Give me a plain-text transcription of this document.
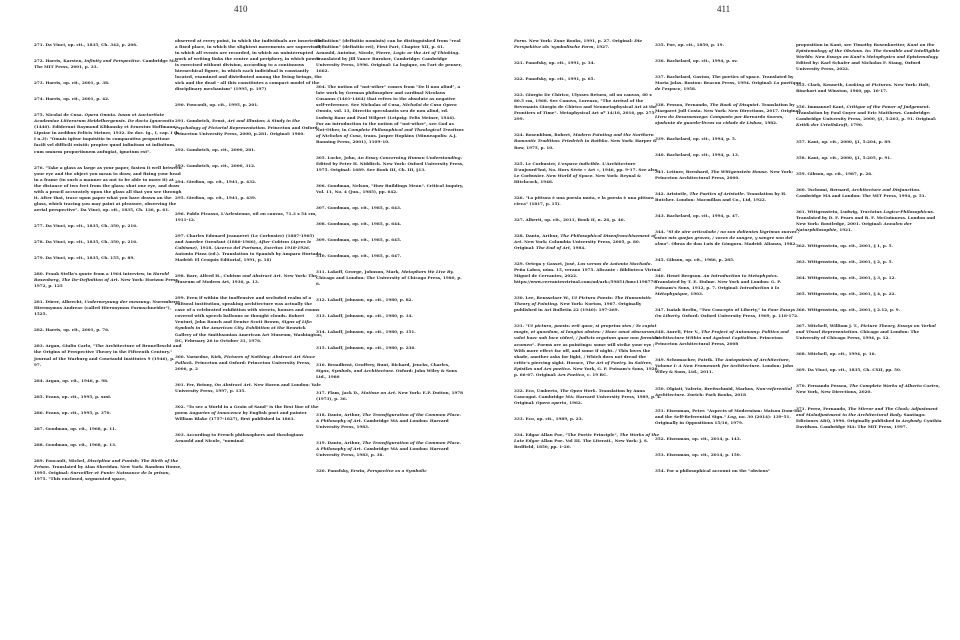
410	411

271. Da Vinci, op. cit., 1835, Ch. 342, p. 206.

272. Harris, Karsten, Infinity and Perspective. Cambridge MA: The MIT Press, 2001, p. 33.

273. Harris, op. cit., 2001, p. 38.

274. Harris, op. cit., 2001, p. 42.

275. Nicolai de Cusa. Opera Omnia. Iussu et Auctoritate Academiae Litterarum Heidelbergensis. De docta Ignorantia (1440). Ediderunt Raymond Klibansky et Ernestus Hoffmann. Lipsiae in aedibus Felicis Meiner, 1932. De doc. ig., I, cap. I (h I n.3): "Omnis igitur inquisitio in comparativa proportione facili vel difficili existit; propter quod infinitum ut infinitum, cum omnem proportionem aufugiat, ignotum est".

276. "Take a glass as large as your paper, fasten it well between your eye and the object you mean to draw, and fixing your head in a frame (in such a manner as not to be able to move it) at the distance of two feet from the glass; shut one eye, and draw with a pencil accurately upon the glass all that you see through it. After that, trace upon paper what you have drawn on the glass, which tracing you may paint at pleasure, observing the aerial perspective". Da Vinci, op. cit., 1835, Ch. 126, p. 61.

277. Da Vinci, op. cit., 1835, Ch. 350, p. 216.

278. Da Vinci, op. cit., 1835, Ch. 350, p. 216.

279. Da Vinci, op. cit., 1835, Ch. 155, p. 89.

280. Frank Stella's quote from a 1964 interview, in Harold Rosenberg, The De-Definition of Art. New York: Horizon Press, 1972, p. 125

281. Dürer, Albrecht, Underweysung der messung. Nuremberg: Hieronymus Andreae (called Hieronymus Formschneider"), 1525.

282. Harris, op. cit., 2001, p. 76.

283. Argan, Giulio Carlo, "The Architecture of Brunelleschi and the Origins of Perspective Theory in the Fifteenth Century." Journal of the Warburg and Courtauld Institutes 9 (1946), p. 97.

284. Argan, op. cit., 1946, p. 98.

285. Evans, op. cit., 1995, p. xxxi.

286. Evans, op. cit., 1995, p. 370.

287. Goodman, op. cit., 1968, p. 11.

288. Goodman, op. cit., 1968, p. 13.

289. Foucault, Michel, Discipline and Punish; The Birth of the Prison. Translated by Alan Sheridan. New York: Random House, 1995. Original: Surveiller et Punir: Naissance de la prison, 1975. "This enclosed, segmented space,

observed at every point, in which the individuals are inserted in a fixed place, in which the slightest movements are supervised, in which all events are recorded, in which an uninterrupted work of writing links the centre and periphery, in which power is exercised without division, according to a continuous hierarchical figure, in which each individual is constantly located, examined and distributed among the living beings, the sick and the dead - all this constitutes a compact model of the disciplinary mechanism" (1995, p. 197)

290. Foucault, op. cit., 1995, p. 201.

291. Gombrich, Ernst, Art and Illusion; A Study in the Psychology of Pictorial Representation. Princeton and Oxford: Princeton University Press, 2000, p.281. Original: 1960.

292. Gombrich, op. cit., 2000, 281.

293. Gombrich, op. cit., 2000, 312.

294. Giedion, op. cit., 1941, p. 432.

295. Giedion, op. cit., 1941, p. 439.

296. Pablo Picasso, L'Arlesienne, oil on canvas, 71.3 x 54 cm, 1911-12.

297. Charles Edouard Jeanneret (Le Corbusier) (1887-1965) and Amedee Ozenfant (1886-1966), After Cubism (Apres le Cubisme), 1918. (Acerca del Purismo, Escritos 1918-1926. Antonio Pizza (ed.). Translation to Spanish by Amparo Hurtado. Madrid: El Croquis Editorial, 1991, p. 16)

298. Barr, Alfred H., Cubism and Abstract Art. New York: The Museum of Modern Art, 1936, p. 13.

299. Even if within the inoffensive and secluded realm of a cultural institution, speaking architecture was actually the case of a celebrated exhibition with streets, houses and rooms covered with speech balloons or thought clouds. Robert Venturi, John Rauch and Denise Scott Brown, Signs of Life: Symbols in the American City. Exhibition at the Renwick Gallery of the Smithsonian American Art Museum, Washington, DC, February 26 to October 31, 1976.

300. Varnedoe, Kirk, Pictures of Nothing: Abstract Art Since Pollock. Princeton and Oxford: Princeton University Press, 2006, p. 2

301. Fer, Briony, On Abstract Art. New Haven and London: Yale University Press, 1997, p. 135.

302. "To see a World in a Grain of Sand" is the first line of the poem Auguries of Innocence by English poet and painter William Blake (1757-1827), first published in 1863.

303. According to French philosophers and theologians Arnauld and Nicole, "nominal

definition" (definitio nominis) can be distinguished from "real definition" (definitio rei), First Part, Chapter XII, p. 61. Arnauld, Antoine, Nicole, Pierre, Logic or the Art of Thinking. Translated by Jill Vance Buroker, Cambridge: Cambridge University Press, 1996. Original: La logique, ou l'art de penser, 1662.

304. The notion of "not-other" comes from "De li non aliud", a late work by German philosopher and cardinal Nicolaus Cusanus (1401-1464) that refers to the absolute as negative self-reference. See Nicholas of Cusa, Nicholai de Cusa Opera Omnia, vol. 13, Directio speculantis seu de non aliud, ed. Ludwig Baur and Paul Wilpert (Leipzig: Felix Meiner, 1944). For an introduction to the notion of "not-other", see God as Not-Other, in Complete Philosophical and Theological Treatises of Nicholas of Cusa, trans. Jasper Hopkins (Minneapolis: A.J. Banning Press, 2001), 1109–10.

305. Locke, John, An Essay Concerning Human Understanding. Edited by Peter H. Nidditch. New York: Oxford University Press, 1975. Original: 1689. See Book III, Ch. III, §13.

306. Goodman, Nelson, "How Buildings Mean". Critical Inquiry, Vol. 11, No. 4 (Jun., 1985), pp. 642.

307. Goodman, op. cit., 1985, p. 643.

308. Goodman, op. cit., 1985, p. 644.

309. Goodman, op. cit., 1985, p. 645.

310. Goodman, op. cit., 1985, p. 647.

311. Lakoff, George, Johnson, Mark, Metaphors We Live By. Chicago and London: The University of Chicago Press, 1980, p. 6.

312. Lakoff, Johnson, op. cit., 1980, p. 82.

313. Lakoff, Johnson, op. cit., 1980, p. 14.

314. Lakoff, Johnson, op. cit., 1980, p. 151.

315. Lakoff, Johnson, op. cit., 1980, p. 236.

316. Broadbent, Geoffrey, Bunt, Richard, Jencks, Charles, Signs, Symbols, and Architecture. Oxford: John Wiley & Sons Ltd., 1980

317. Flam, Jack D., Matisse on Art. New York: E.P. Dutton, 1978 (1973), p. 36.

318. Danto, Arthur, The Transfiguration of the Common Place. A Philosophy of Art. Cambridge MA and London: Harvard University Press, 1983.

319. Danto, Arthur, The Transfiguration of the Common Place. A Philosophy of Art. Cambridge MA and London: Harvard University Press, 1983, p. 36.

320. Panofsky, Erwin, Perspective as a Symbolic

Form. New York: Zone Books, 1991, p. 27. Original: Die Perspektive als 'symbolische Form, 1927.

321. Panofsky, op. cit., 1991, p. 34.

322. Panofsky, op. cit., 1991, p. 65.

323. Giorgio De Chirico, Ulysses Return, oil on canvas, 60 x 80.5 cm, 1968. See Canova, Lorenzo, "The Arrival of the Revenants Giorgio de Chirico and Neometaphysical Art at the Frontiers of Time". Metaphysical Art nº 14/16, 2016, pp. 275-299.

324. Rosenblum, Robert, Modern Painting and the Northern Romantic Tradition: Friedrich to Rothko. New York: Harper & Row, 1975, p. 10.

325. Le Corbusier, L'espace indicible. L'Architecture D'aujourd'hui, No. Hors Série « Art », 1946, pp. 9-17. See also, Le Corbusier. New World of Space. New York: Reynal & Hitchcock, 1948.

326. "La pittura è una poesia muta, e la poesia è una pittura cieca" (1817, p. 15).

327. Alberti, op. cit., 2011, Book II, n. 26, p. 46.

328. Danto, Arthur, The Philosophical Disenfranchisement of Art. New York: Columbia University Press, 2005, p. 80. Original: The End of Art, 1984.

329. Ortega y Gasset, José, Los versos de Antonio Machado. Peña Labra, núm. 15, verano 1975. Alicante : Biblioteca Virtual Miguel de Cervantes, 2022. https://www.cervantesvirtual.com/nd/ark:/59851/bmc1198770

330. Lee, Rensselaer W., Ut Pictura Poesis: The Humanistic Theory of Painting. New York: Norton, 1967. Originally published in Art Bulletin 22 (1940): 197-269.

331. "Ut pictura, poesis: erit quae, si proprius stes / Te capiat magis, et quaedam, si longius abstes: / Haec amat obscurum; volet haec sub luce videri, / Judicis argutum quae non formidat acumen". Poems are as paintings: some will strike your eye / With more effect far off, and some if night. / This loves the shade, another asks for light, / Which does not dread the critic's piercing sight. Horace, The Art of Poetry. In Satires, Epistles and Ars poetica. New York, G. P. Putnam's Sons, 1926, p. 66-67. Original: Ars Poetica, c. 19 BC.

332. Eco, Umberto, The Open Work. Translation by Anna Cancogni. Cambridge MA: Harvard University Press, 1989, p. 4. Original: Opera aperta, 1962.

333. Eco, op. cit., 1989, p. 23.

334. Edgar Allan Poe, "The Poetic Principle", The Works of the Late Edgar Allan Poe. Vol III. The Literati., New York: J. S. Redfield, 1850, pp. 1-20.

335. Poe, op. cit., 1850, p. 19.

336. Bachelard, op. cit., 1994, p. xv.

337. Bachelard, Gaston, The poetics of space. Translated by Maria Jolas. Boston: Beacon Press, 1994. Original: La poetique de l'espace, 1958.

338. Pessoa, Fernando, The Book of Disquiet. Translation by Margaret Jull Costa. New York: New Directions, 2017. Original: Livro do Desassossego: Composto por Bernardo Soares, ajudante de guarda-livros na cidade de Lisboa, 1982.

339. Bachelard, op. cit., 1994, p. 5.

340. Bachelard, op. cit., 1994, p. 13.

341. Leitner, Bernhard, The Wittgenstein House. New York: Princeton Architectural Press, 2000.

342. Aristotle, The Poetics of Aristotle. Translation by H. Butcher. London: Macmillan and Co., Ltd, 1922.

343. Bachelard, op. cit., 1994, p. 47.

344. "Si de aire articulado / no son dolientes lágrimas suaves / estas mis quejas graves, / voces de sangre, y sangre son del alma". Obras de don Luis de Góngora. Madrid: Alianza, 1982.

345. Gibson, op. cit., 1986, p. 285.

346. Henri Bergson. An Introduction to Metaphysics. Translated by T. E. Hulme. New York and London: G. P. Putnam's Sons, 1912, p. 7. Original: Introduction à la Métaphysique, 1903.

347. Isaiah Berlin, "Two Concepts of Liberty," in Four Essays On Liberty. Oxford: Oxford University Press, 1969, p. 118-172.

348. Aureli, Pier V., The Project of Autonomy: Politics and Architecture Within and Against Capitalism. Princeton: Princeton Architectural Press, 2008

349. Schumacher, Patrik. The Autopoiesis of Architecture, Volume I: A New Framework for Architecture. London: John Wiley & Sons, Ltd., 2011.

350. Olgiati, Valerio, Breitschmid, Markus, Non-referential Architecture. Zurich: Park Books, 2018

351. Eisenman, Peter. "Aspects of Modernism: Maison Dom-Ino and the Self-Referential Sign." Log, no. 30 (2014): 139–51. Originally in Oppositions 15/16, 1979.

352. Eisenman, op. cit., 2014, p. 143.

353. Eisenman, op. cit., 2014, p. 150.

354. For a philosophical account on the "obvious"

proposition in Kant, see Timothy Rosenkoetter, Kant on the Epistemology of the Obvious. In: The Sensible and Intelligible Worlds: New Essays on Kant's Metaphysics and Epistemology. Edited by: Karl Schafer and Nicholas F. Stang, Oxford University Press, 2022.

355. Clark, Kenneth, Looking at Pictures. New York: Holt, Rinehart and Winston, 1960, pp. 16-17.

356. Immanuel Kant, Critique of the Power of Judgement. Translation by Paul Guyer and Eric Matthews. Cambridge: Cambridge University Press, 2000, §1, 5:203, p. 91. Original: Kritik der Urteilskraft, 1790.

357. Kant, op. cit., 2000, §1, 5:204, p. 89.

358. Kant, op. cit., 2000, §1, 5:205, p. 91.

359. Gibson, op. cit., 1987, p. 26.

360. Tschumi, Bernard, Architecture and Disjunction. Cambridge MA and London: The MIT Press, 1994, p. 51.

361. Wittgenstein, Ludwig, Tractatus Logico-Philosophicus. Translated by D. F. Pears and B. F. McGuinness. London and New York: Routledge, 2001. Original: Annalen der Naturphilosophie, 1921.

362. Wittgenstein, op. cit., 2001, § 1, p. 5.

363. Wittgenstein, op. cit., 2001, § 2, p. 5.

364. Wittgenstein, op. cit., 2001, § 3, p. 12.

365. Wittgenstein, op. cit., 2001, § 4, p. 22.

366. Wittgenstein, op. cit., 2001, § 2.12, p. 9.

367. Mitchell, William J. T., Picture Theory, Essays on Verbal and Visual Representation. Chicago and London: The University of Chicago Press, 1994, p. 12.

368. Mitchell, op. cit., 1994, p. 16.

369. Da Vinci, op. cit., 1835, Ch. CXII, pp. 50.

370. Fernando Pessoa, The Complete Works of Alberto Caeiro, New York, New Directions, 2020.

371. Perez, Fernando, The Mirror and The Cloak; Adjustment and Maladjustment in the Architectural Body. Santiago: Ediciones ARQ, 1996. Originally published in Anybody. Cynthia Davidson. Cambridge MA: The MIT Press, 1997.
